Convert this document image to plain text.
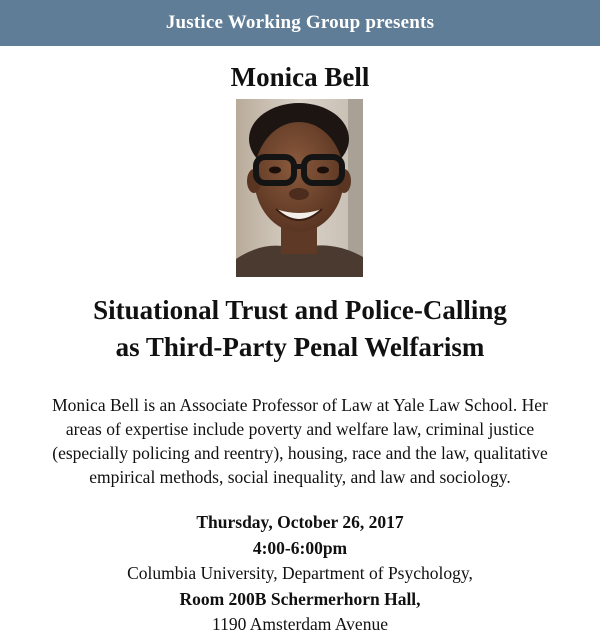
Justice Working Group presents
Monica Bell
Situational Trust and Police-Calling
as Third-Party Penal Welfarism
Monica Bell is an Associate Professor of Law at Yale Law School. Her
areas of expertise include poverty and welfare law, criminal justice
(especially policing and reentry), housing, race and the law, qualitative
empirical methods, social inequality, and law and sociology.
Thursday, October 26, 2017
4:00-6:00pm
Columbia University, Department of Psychology,
Room 200B Schermerhorn Hall,
1190 Amsterdam Avenue
